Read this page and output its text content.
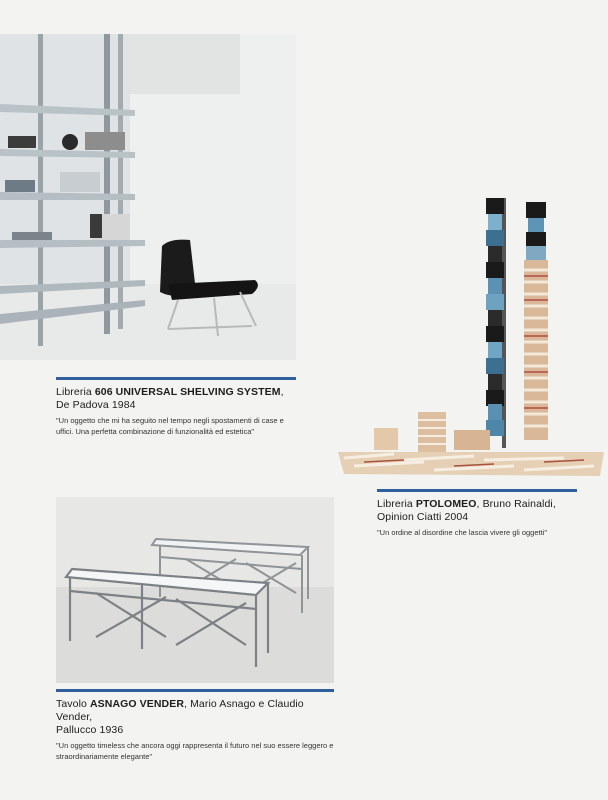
Libreria 606 UNIVERSAL SHELVING SYSTEM,
De Padova 1984
"Un oggetto che mi ha seguito nel tempo negli spostamenti di case e uffici. Una perfetta combinazione di funzionalità ed estetica"
Libreria PTOLOMEO, Bruno Rainaldi,
Opinion Ciatti 2004
"Un ordine al disordine che lascia vivere gli oggetti"
Tavolo ASNAGO VENDER, Mario Asnago e Claudio Vender,
Pallucco 1936
"Un oggetto timeless che ancora oggi rappresenta il futuro nel suo essere leggero e straordinariamente elegante"
